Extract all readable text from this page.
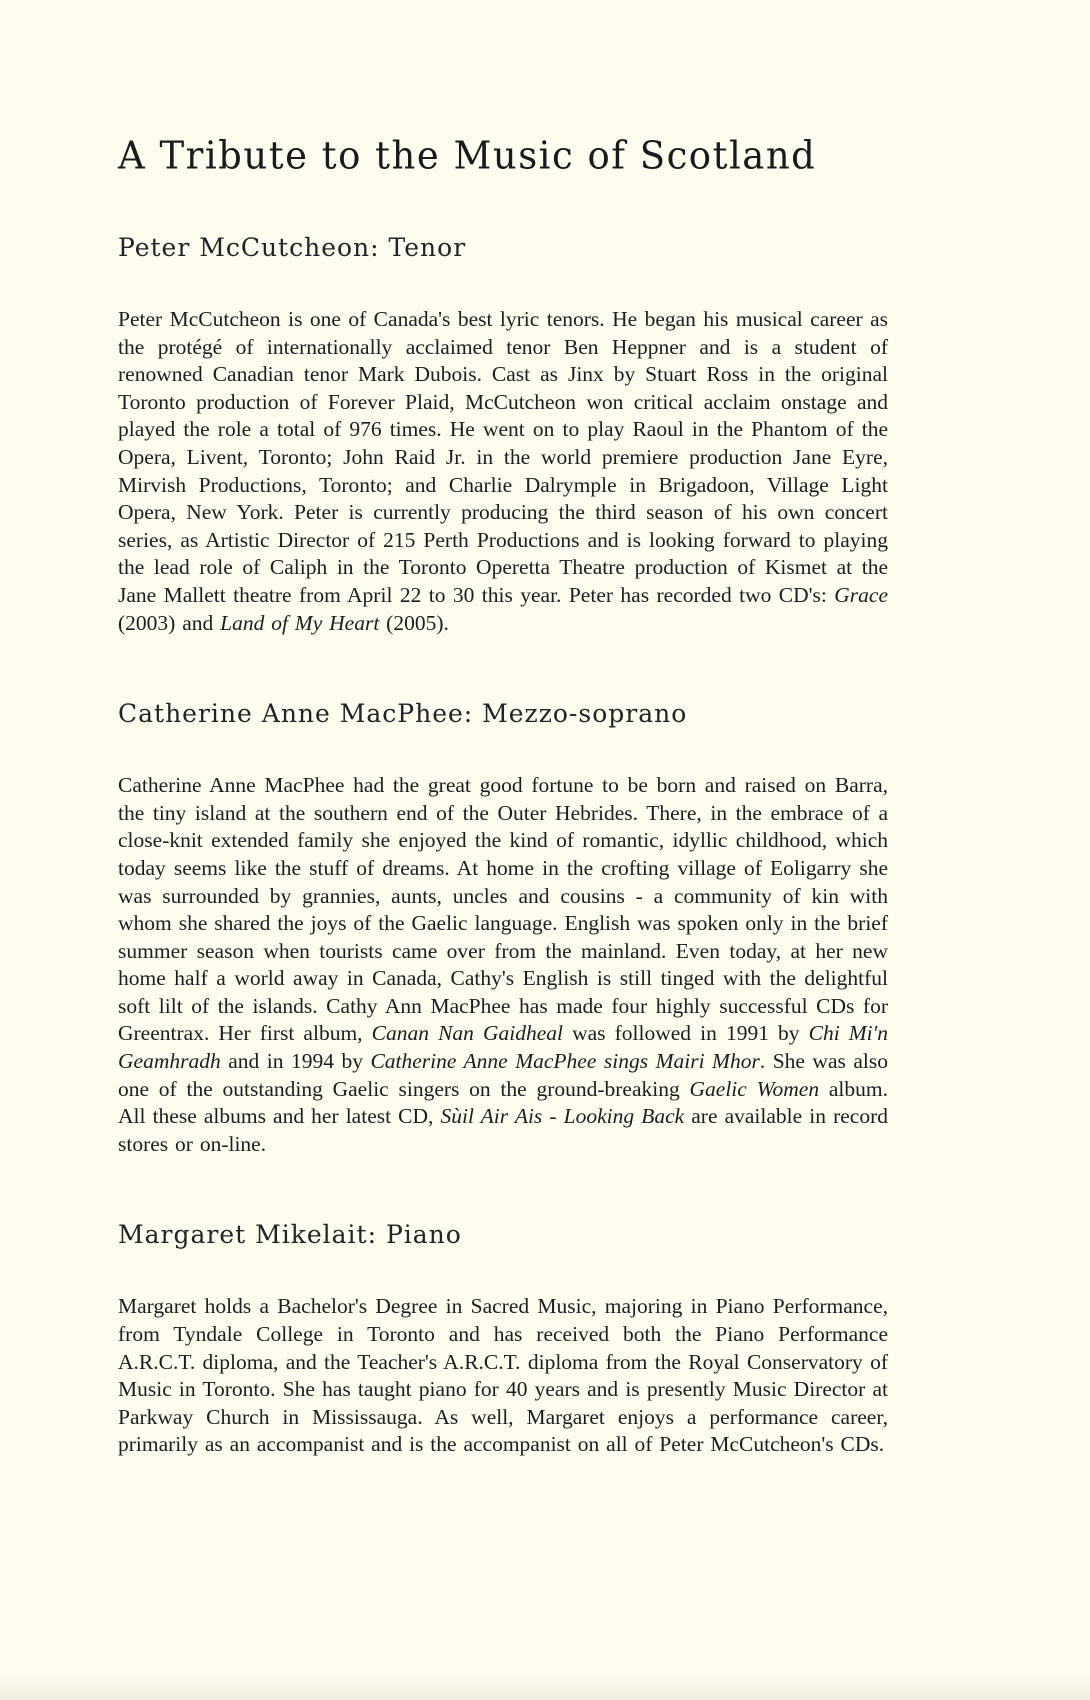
A Tribute to the Music of Scotland
Peter McCutcheon: Tenor

Peter McCutcheon is one of Canada's best lyric tenors. He began his musical career as the protégé of internationally acclaimed tenor Ben Heppner and is a student of renowned Canadian tenor Mark Dubois. Cast as Jinx by Stuart Ross in the original Toronto production of Forever Plaid, McCutcheon won critical acclaim onstage and played the role a total of 976 times. He went on to play Raoul in the Phantom of the Opera, Livent, Toronto; John Raid Jr. in the world premiere production Jane Eyre, Mirvish Productions, Toronto; and Charlie Dalrymple in Brigadoon, Village Light Opera, New York. Peter is currently producing the third season of his own concert series, as Artistic Director of 215 Perth Productions and is looking forward to playing the lead role of Caliph in the Toronto Operetta Theatre production of Kismet at the Jane Mallett theatre from April 22 to 30 this year. Peter has recorded two CD's: Grace (2003) and Land of My Heart (2005).

Catherine Anne MacPhee: Mezzo-soprano

Catherine Anne MacPhee had the great good fortune to be born and raised on Barra, the tiny island at the southern end of the Outer Hebrides. There, in the embrace of a close-knit extended family she enjoyed the kind of romantic, idyllic childhood, which today seems like the stuff of dreams. At home in the crofting village of Eoligarry she was surrounded by grannies, aunts, uncles and cousins - a community of kin with whom she shared the joys of the Gaelic language. English was spoken only in the brief summer season when tourists came over from the mainland. Even today, at her new home half a world away in Canada, Cathy's English is still tinged with the delightful soft lilt of the islands. Cathy Ann MacPhee has made four highly successful CDs for Greentrax. Her first album, Canan Nan Gaidheal was followed in 1991 by Chi Mi'n Geamhradh and in 1994 by Catherine Anne MacPhee sings Mairi Mhor. She was also one of the outstanding Gaelic singers on the ground-breaking Gaelic Women album. All these albums and her latest CD, Sùil Air Ais - Looking Back are available in record stores or on-line.

Margaret Mikelait: Piano

Margaret holds a Bachelor's Degree in Sacred Music, majoring in Piano Performance, from Tyndale College in Toronto and has received both the Piano Performance A.R.C.T. diploma, and the Teacher's A.R.C.T. diploma from the Royal Conservatory of Music in Toronto. She has taught piano for 40 years and is presently Music Director at Parkway Church in Mississauga. As well, Margaret enjoys a performance career, primarily as an accompanist and is the accompanist on all of Peter McCutcheon's CDs.
